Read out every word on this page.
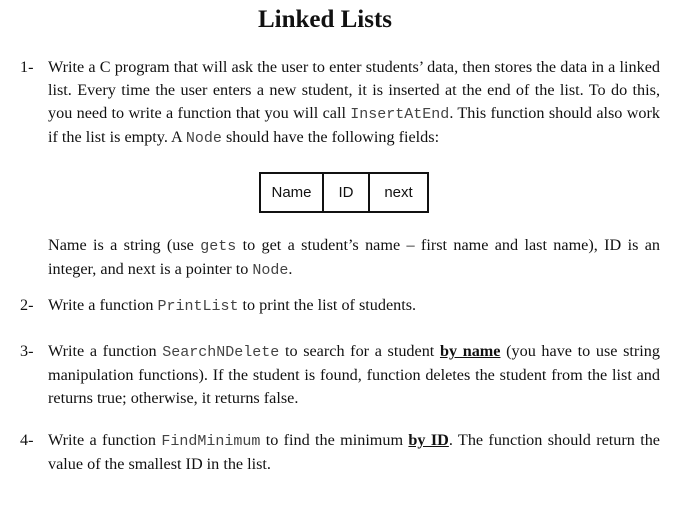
Linked Lists
1- Write a C program that will ask the user to enter students’ data, then stores the data in a linked list. Every time the user enters a new student, it is inserted at the end of the list. To do this, you need to write a function that you will call InsertAtEnd. This function should also work if the list is empty. A Node should have the following fields:
Name	ID	next
Name is a string (use gets to get a student’s name – first name and last name), ID is an integer, and next is a pointer to Node.
2- Write a function PrintList to print the list of students.
3- Write a function SearchNDelete to search for a student by name (you have to use string manipulation functions). If the student is found, function deletes the student from the list and returns true; otherwise, it returns false.
4- Write a function FindMinimum to find the minimum by ID. The function should return the value of the smallest ID in the list.
